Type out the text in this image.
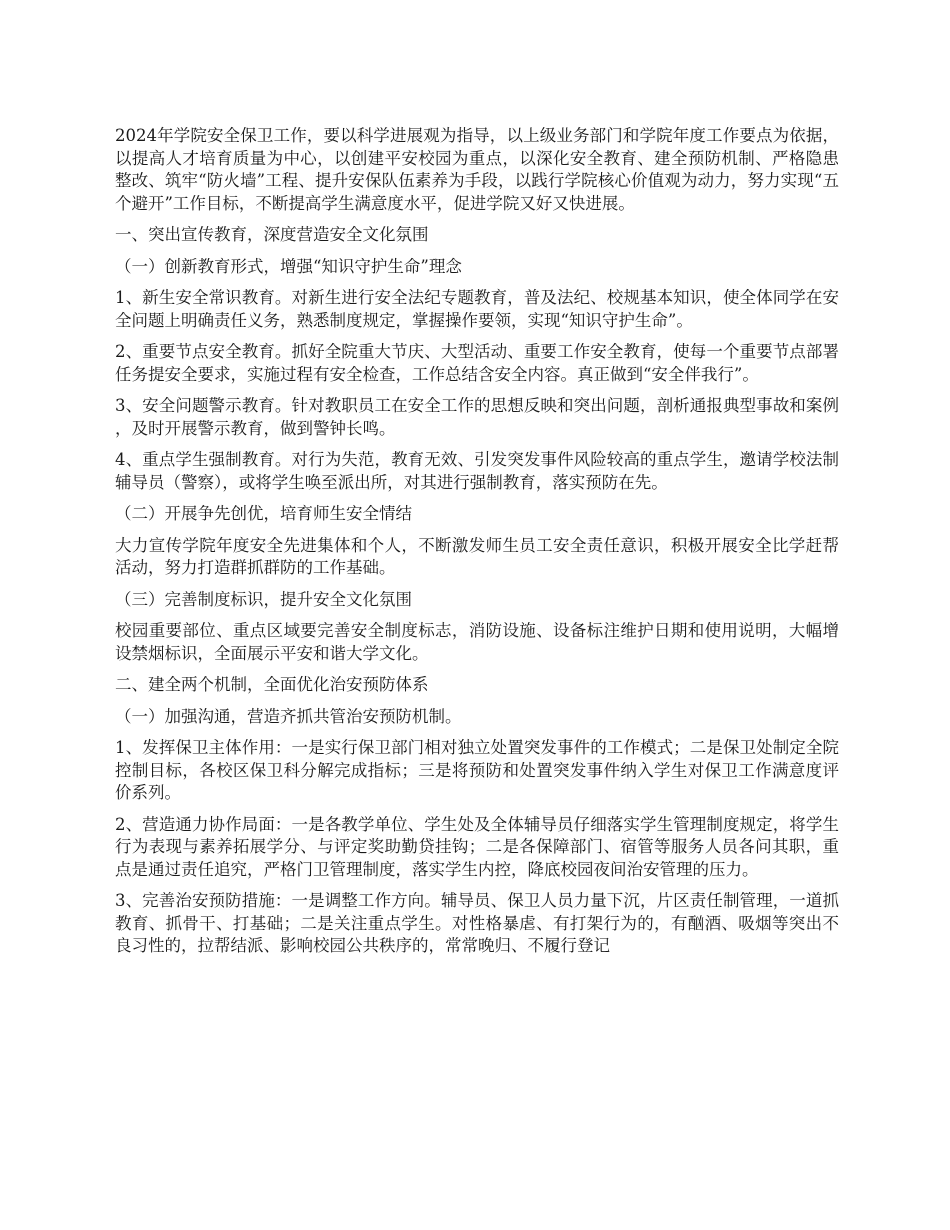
2024年学院安全保卫工作，要以科学进展观为指导，以上级业务部门和学院年度工作要点为依据，以提高人才培育质量为中心，以创建平安校园为重点，以深化安全教育、建全预防机制、严格隐患整改、筑牢“防火墙”工程、提升安保队伍素养为手段，以践行学院核心价值观为动力，努力实现“五个避开”工作目标，不断提高学生满意度水平，促进学院又好又快进展。

一、突出宣传教育，深度营造安全文化氛围

（一）创新教育形式，增强“知识守护生命”理念

1、新生安全常识教育。对新生进行安全法纪专题教育，普及法纪、校规基本知识，使全体同学在安全问题上明确责任义务，熟悉制度规定，掌握操作要领，实现“知识守护生命”。

2、重要节点安全教育。抓好全院重大节庆、大型活动、重要工作安全教育，使每一个重要节点部署任务提安全要求，实施过程有安全检查，工作总结含安全内容。真正做到“安全伴我行”。

3、安全问题警示教育。针对教职员工在安全工作的思想反映和突出问题，剖析通报典型事故和案例，及时开展警示教育，做到警钟长鸣。

4、重点学生强制教育。对行为失范，教育无效、引发突发事件风险较高的重点学生，邀请学校法制辅导员（警察），或将学生唤至派出所，对其进行强制教育，落实预防在先。

（二）开展争先创优，培育师生安全情结

大力宣传学院年度安全先进集体和个人，不断激发师生员工安全责任意识，积极开展安全比学赶帮活动，努力打造群抓群防的工作基础。

（三）完善制度标识，提升安全文化氛围

校园重要部位、重点区域要完善安全制度标志，消防设施、设备标注维护日期和使用说明，大幅增设禁烟标识，全面展示平安和谐大学文化。

二、建全两个机制，全面优化治安预防体系

（一）加强沟通，营造齐抓共管治安预防机制。

1、发挥保卫主体作用：一是实行保卫部门相对独立处置突发事件的工作模式；二是保卫处制定全院控制目标，各校区保卫科分解完成指标；三是将预防和处置突发事件纳入学生对保卫工作满意度评价系列。

2、营造通力协作局面：一是各教学单位、学生处及全体辅导员仔细落实学生管理制度规定，将学生行为表现与素养拓展学分、与评定奖助勤贷挂钩；二是各保障部门、宿管等服务人员各问其职，重点是通过责任追究，严格门卫管理制度，落实学生内控，降底校园夜间治安管理的压力。

3、完善治安预防措施：一是调整工作方向。辅导员、保卫人员力量下沉，片区责任制管理，一道抓教育、抓骨干、打基础；二是关注重点学生。对性格暴虐、有打架行为的，有酗酒、吸烟等突出不良习性的，拉帮结派、影响校园公共秩序的，常常晚归、不履行登记
